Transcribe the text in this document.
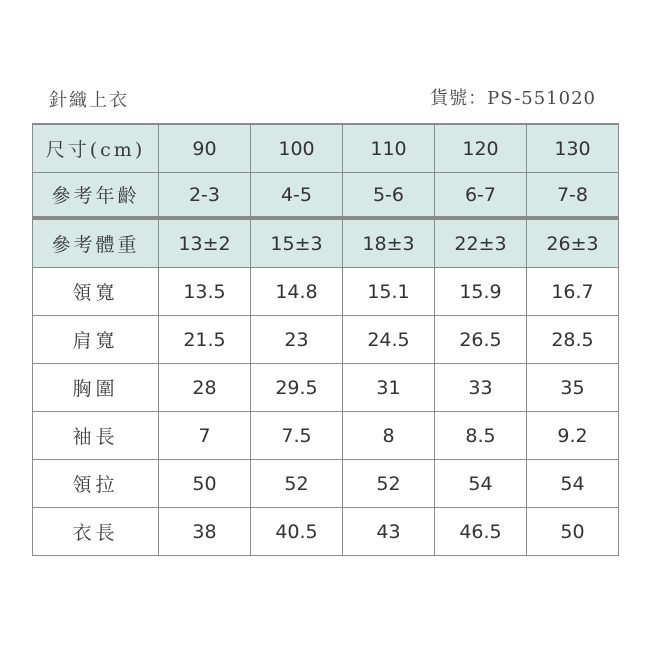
針織上衣	貨號：PS-551020
尺寸(cm)	90	100	110	120	130
參考年齡	2-3	4-5	5-6	6-7	7-8
參考體重	13±2	15±3	18±3	22±3	26±3
領寬	13.5	14.8	15.1	15.9	16.7
肩寬	21.5	23	24.5	26.5	28.5
胸圍	28	29.5	31	33	35
袖長	7	7.5	8	8.5	9.2
領拉	50	52	52	54	54
衣長	38	40.5	43	46.5	50
